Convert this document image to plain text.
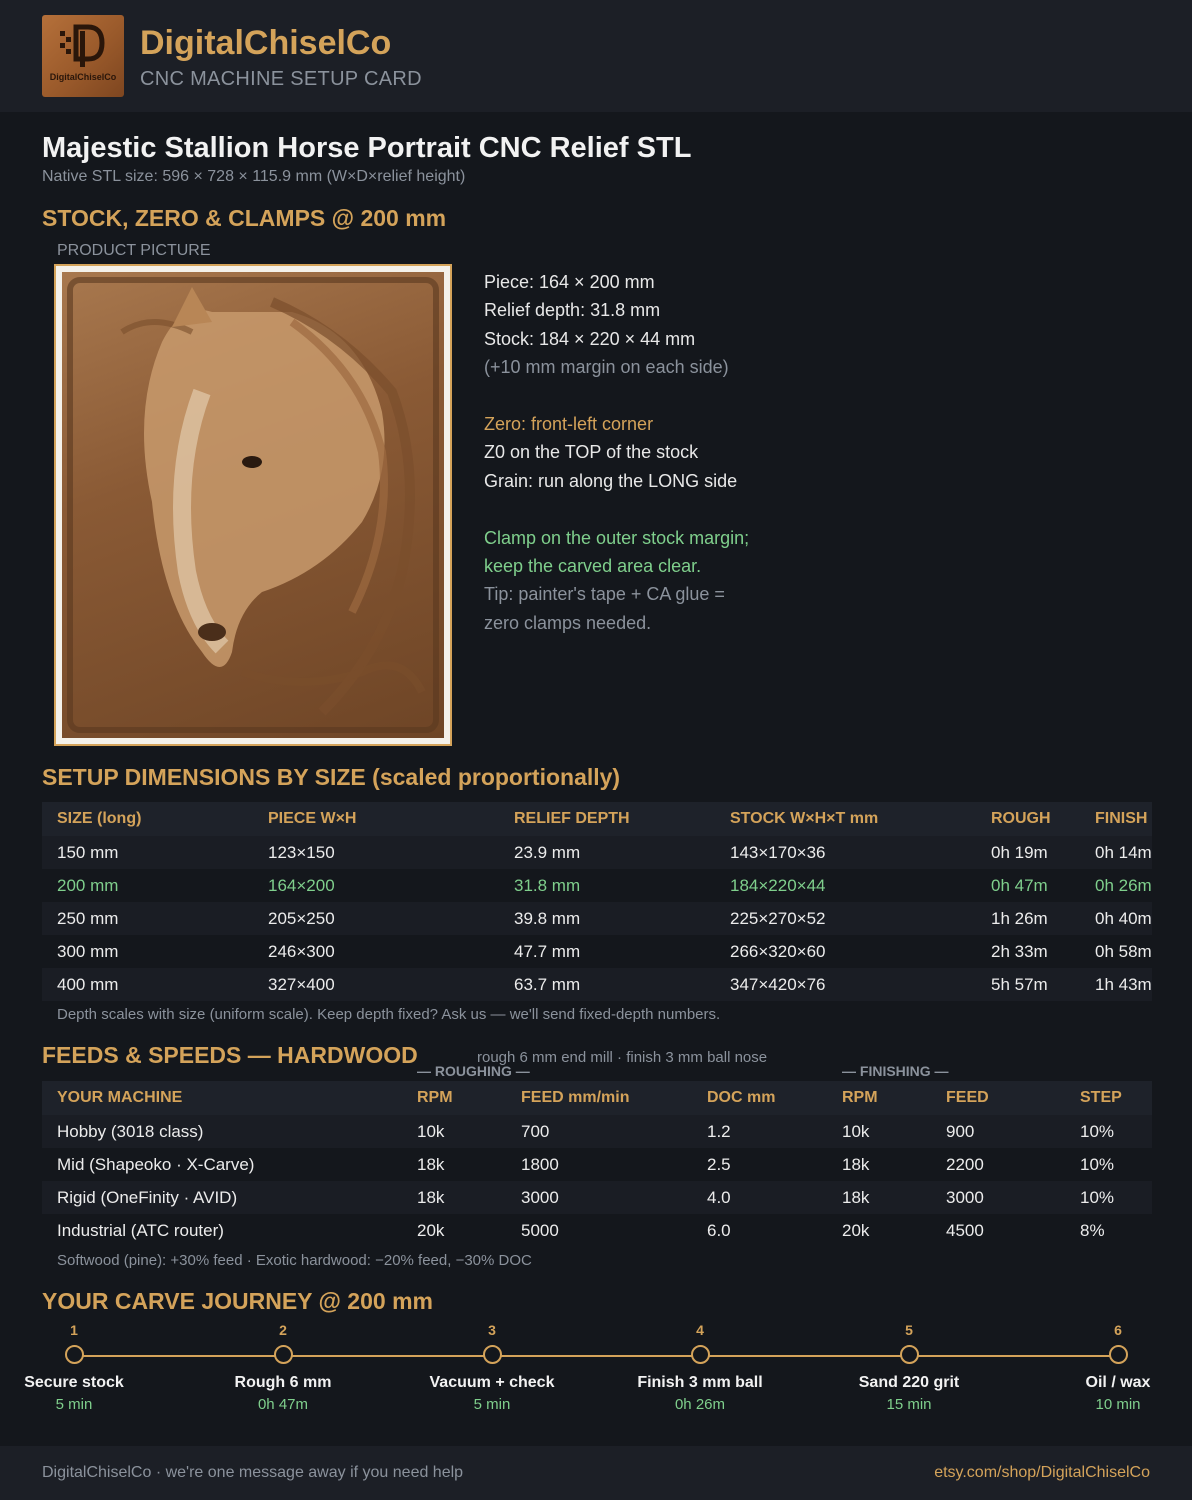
DigitalChiselCo
DigitalChiselCo
CNC MACHINE SETUP CARD
Majestic Stallion Horse Portrait CNC Relief STL
Native STL size: 596 × 728 × 115.9 mm (W×D×relief height)
STOCK, ZERO & CLAMPS @ 200 mm
PRODUCT PICTURE
Piece: 164 × 200 mm
Relief depth: 31.8 mm
Stock: 184 × 220 × 44 mm
(+10 mm margin on each side)
Zero: front-left corner
Z0 on the TOP of the stock
Grain: run along the LONG side
Clamp on the outer stock margin;
keep the carved area clear.
Tip: painter's tape + CA glue =
zero clamps needed.
SETUP DIMENSIONS BY SIZE (scaled proportionally)
SIZE (long)	PIECE W×H	RELIEF DEPTH	STOCK W×H×T mm	ROUGH	FINISH
150 mm	123×150	23.9 mm	143×170×36	0h 19m	0h 14m
200 mm	164×200	31.8 mm	184×220×44	0h 47m	0h 26m
250 mm	205×250	39.8 mm	225×270×52	1h 26m	0h 40m
300 mm	246×300	47.7 mm	266×320×60	2h 33m	0h 58m
400 mm	327×400	63.7 mm	347×420×76	5h 57m	1h 43m
Depth scales with size (uniform scale). Keep depth fixed? Ask us — we'll send fixed-depth numbers.
FEEDS & SPEEDS — HARDWOOD	rough 6 mm end mill · finish 3 mm ball nose
— ROUGHING —	— FINISHING —
YOUR MACHINE	RPM	FEED mm/min	DOC mm	RPM	FEED	STEP
Hobby (3018 class)	10k	700	1.2	10k	900	10%
Mid (Shapeoko · X-Carve)	18k	1800	2.5	18k	2200	10%
Rigid (OneFinity · AVID)	18k	3000	4.0	18k	3000	10%
Industrial (ATC router)	20k	5000	6.0	20k	4500	8%
Softwood (pine): +30% feed · Exotic hardwood: −20% feed, −30% DOC
YOUR CARVE JOURNEY @ 200 mm
1
Secure stock
5 min
2
Rough 6 mm
0h 47m
3
Vacuum + check
5 min
4
Finish 3 mm ball
0h 26m
5
Sand 220 grit
15 min
6
Oil / wax
10 min
DigitalChiselCo · we're one message away if you need help	etsy.com/shop/DigitalChiselCo
